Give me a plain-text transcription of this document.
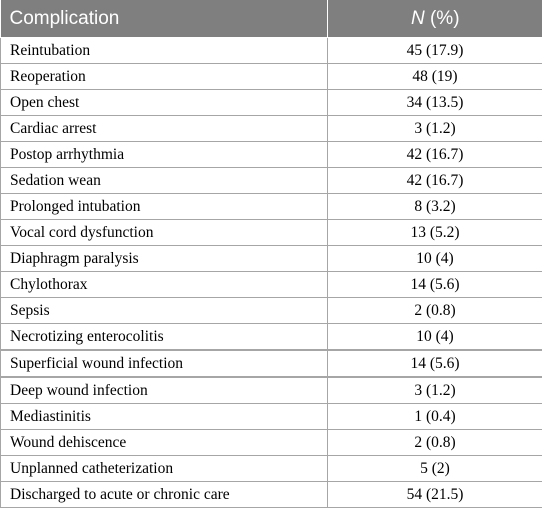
Complication	N (%)
Reintubation	45 (17.9)
Reoperation	48 (19)
Open chest	34 (13.5)
Cardiac arrest	3 (1.2)
Postop arrhythmia	42 (16.7)
Sedation wean	42 (16.7)
Prolonged intubation	8 (3.2)
Vocal cord dysfunction	13 (5.2)
Diaphragm paralysis	10 (4)
Chylothorax	14 (5.6)
Sepsis	2 (0.8)
Necrotizing enterocolitis	10 (4)
Superficial wound infection	14 (5.6)
Deep wound infection	3 (1.2)
Mediastinitis	1 (0.4)
Wound dehiscence	2 (0.8)
Unplanned catheterization	5 (2)
Discharged to acute or chronic care	54 (21.5)
